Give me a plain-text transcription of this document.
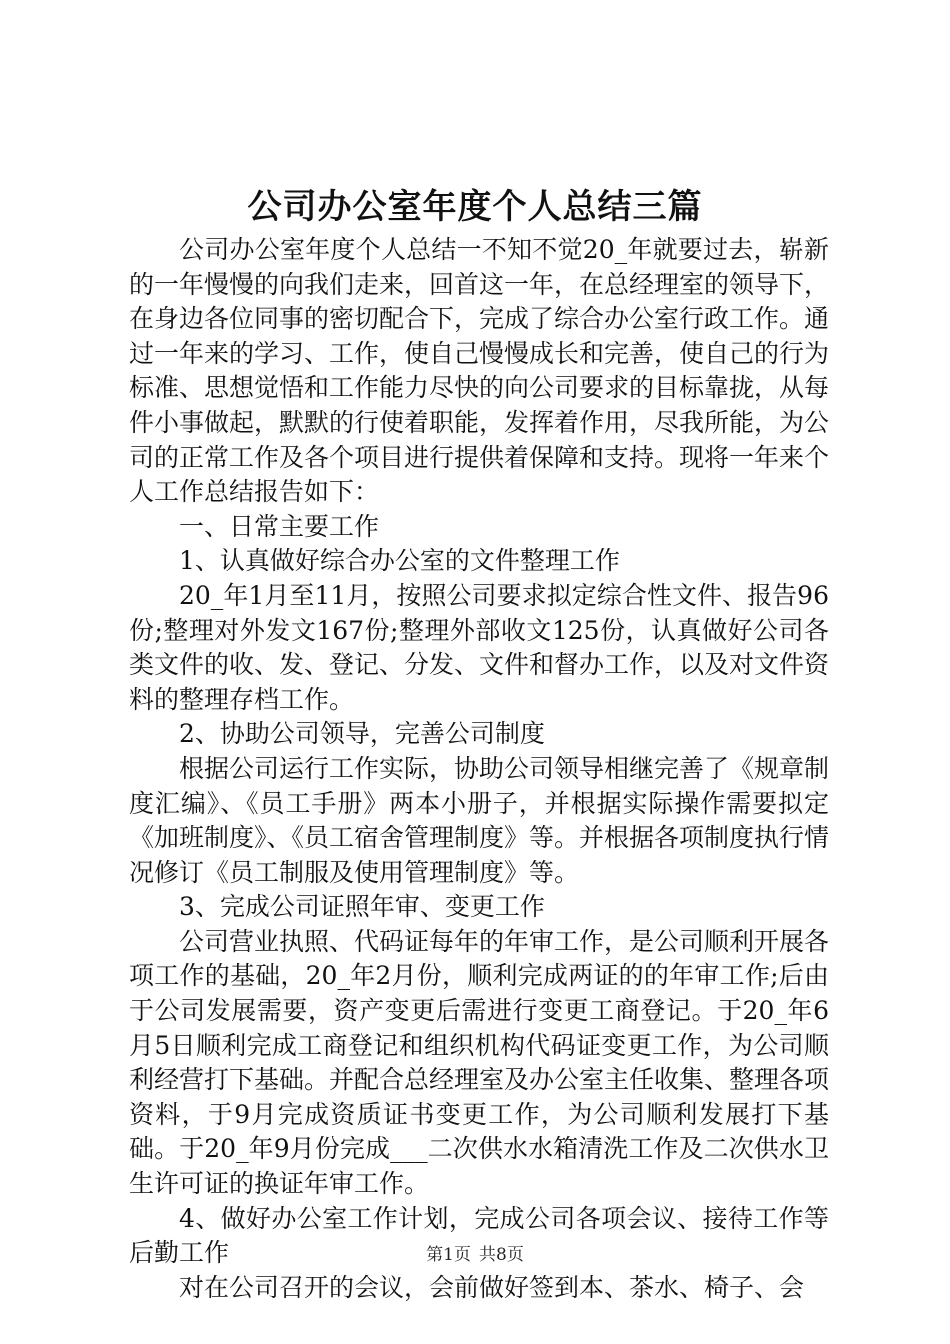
公司办公室年度个人总结三篇

公司办公室年度个人总结一不知不觉20_年就要过去，崭新的一年慢慢的向我们走来，回首这一年，在总经理室的领导下，在身边各位同事的密切配合下，完成了综合办公室行政工作。通过一年来的学习、工作，使自己慢慢成长和完善，使自己的行为标准、思想觉悟和工作能力尽快的向公司要求的目标靠拢，从每件小事做起，默默的行使着职能，发挥着作用，尽我所能，为公司的正常工作及各个项目进行提供着保障和支持。现将一年来个人工作总结报告如下：

一、日常主要工作

1、认真做好综合办公室的文件整理工作

20_年1月至11月，按照公司要求拟定综合性文件、报告96份;整理对外发文167份;整理外部收文125份，认真做好公司各类文件的收、发、登记、分发、文件和督办工作，以及对文件资料的整理存档工作。

2、协助公司领导，完善公司制度

根据公司运行工作实际，协助公司领导相继完善了《规章制度汇编》、《员工手册》两本小册子，并根据实际操作需要拟定《加班制度》、《员工宿舍管理制度》等。并根据各项制度执行情况修订《员工制服及使用管理制度》等。

3、完成公司证照年审、变更工作

公司营业执照、代码证每年的年审工作，是公司顺利开展各项工作的基础，20_年2月份，顺利完成两证的的年审工作;后由于公司发展需要，资产变更后需进行变更工商登记。于20_年6月5日顺利完成工商登记和组织机构代码证变更工作，为公司顺利经营打下基础。并配合总经理室及办公室主任收集、整理各项资料，于9月完成资质证书变更工作，为公司顺利发展打下基础。于20_年9月份完成___二次供水水箱清洗工作及二次供水卫生许可证的换证年审工作。

4、做好办公室工作计划，完成公司各项会议、接待工作等后勤工作

对在公司召开的会议，会前做好签到本、茶水、椅子、会

第1页 共8页
